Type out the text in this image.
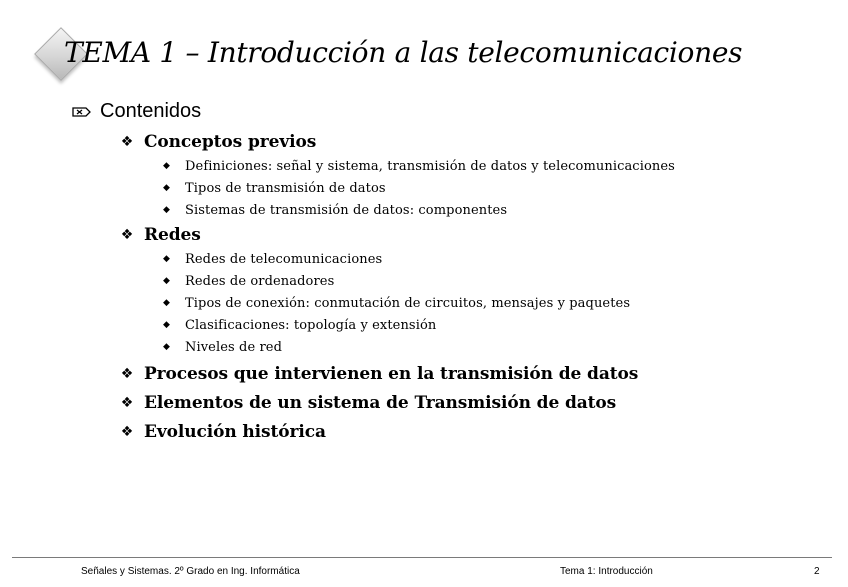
TEMA 1 – Introducción a las telecomunicaciones
Contenidos
❖ Conceptos previos
◆ Definiciones: señal y sistema, transmisión de datos y telecomunicaciones
◆ Tipos de transmisión de datos
◆ Sistemas de transmisión de datos: componentes
❖ Redes
◆ Redes de telecomunicaciones
◆ Redes de ordenadores
◆ Tipos de conexión: conmutación de circuitos, mensajes y paquetes
◆ Clasificaciones: topología y extensión
◆ Niveles de red
❖ Procesos que intervienen en la transmisión de datos
❖ Elementos de un sistema de Transmisión de datos
❖ Evolución histórica
Señales y Sistemas. 2º Grado en Ing. Informática	Tema 1: Introducción	2
